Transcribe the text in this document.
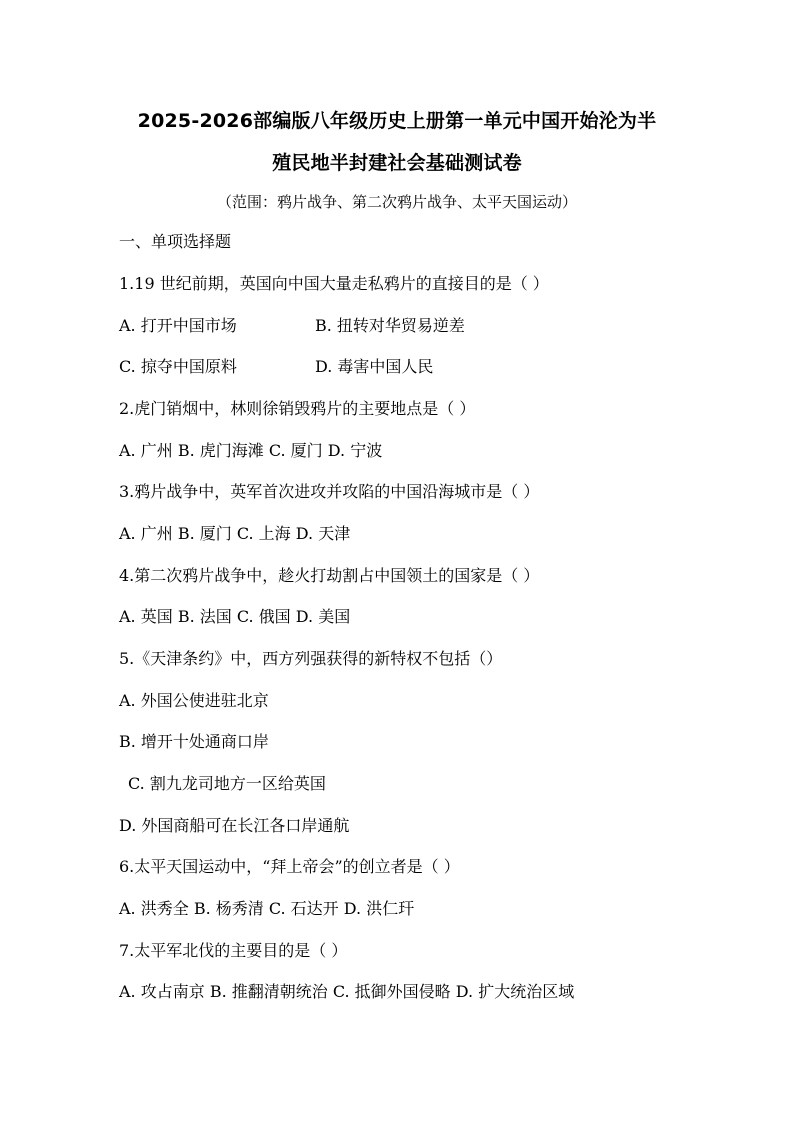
2025-2026部编版八年级历史上册第一单元中国开始沦为半
殖民地半封建社会基础测试卷
（范围：鸦片战争、第二次鸦片战争、太平天国运动）
一、单项选择题
1.19 世纪前期，英国向中国大量走私鸦片的直接目的是（ ）
A. 打开中国市场	B. 扭转对华贸易逆差
C. 掠夺中国原料	D. 毒害中国人民
2.虎门销烟中，林则徐销毁鸦片的主要地点是（ ）
A. 广州 B. 虎门海滩 C. 厦门 D. 宁波
3.鸦片战争中，英军首次进攻并攻陷的中国沿海城市是（ ）
A. 广州 B. 厦门 C. 上海 D. 天津
4.第二次鸦片战争中，趁火打劫割占中国领土的国家是（ ）
A. 英国 B. 法国 C. 俄国 D. 美国
5.《天津条约》中，西方列强获得的新特权不包括（）
A. 外国公使进驻北京
B. 增开十处通商口岸
C. 割九龙司地方一区给英国
D. 外国商船可在长江各口岸通航
6.太平天国运动中，“拜上帝会”的创立者是（ ）
A. 洪秀全 B. 杨秀清 C. 石达开 D. 洪仁玕
7.太平军北伐的主要目的是（ ）
A. 攻占南京 B. 推翻清朝统治 C. 抵御外国侵略 D. 扩大统治区域
